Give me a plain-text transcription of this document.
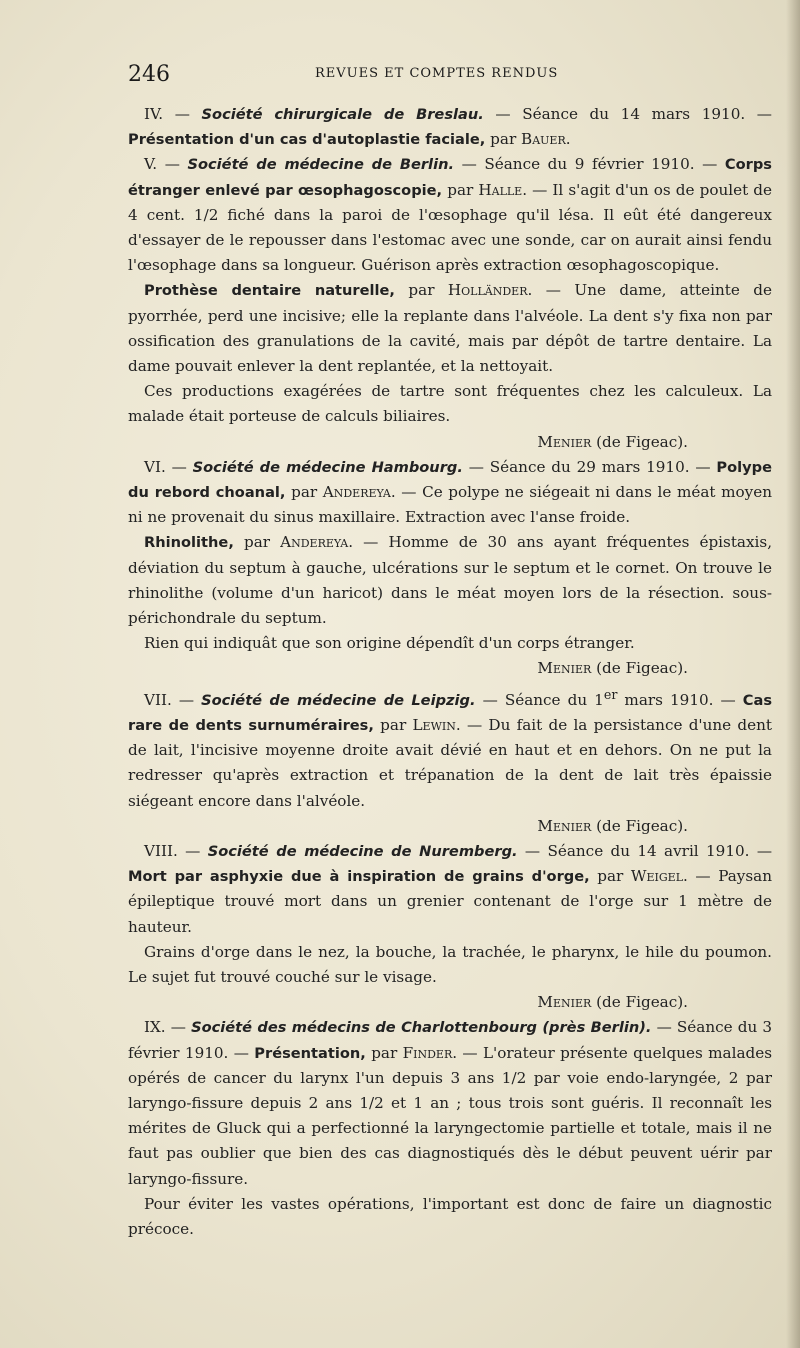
246	REVUES ET COMPTES RENDUS

IV. — Société chirurgicale de Breslau. — Séance du 14 mars 1910. — Présentation d'un cas d'autoplastie faciale, par Bauer.

V. — Société de médecine de Berlin. — Séance du 9 février 1910. — Corps étranger enlevé par œsophagoscopie, par Halle. — Il s'agit d'un os de poulet de 4 cent. 1/2 fiché dans la paroi de l'œsophage qu'il lésa. Il eût été dangereux d'essayer de le repousser dans l'estomac avec une sonde, car on aurait ainsi fendu l'œsophage dans sa longueur. Guérison après extraction œsophagoscopique.

Prothèse dentaire naturelle, par Holländer. — Une dame, atteinte de pyorrhée, perd une incisive; elle la replante dans l'alvéole. La dent s'y fixa non par ossification des granulations de la cavité, mais par dépôt de tartre dentaire. La dame pouvait enlever la dent replantée, et la nettoyait.

Ces productions exagérées de tartre sont fréquentes chez les calculeux. La malade était porteuse de calculs biliaires.

Menier (de Figeac).

VI. — Société de médecine Hambourg. — Séance du 29 mars 1910. — Polype du rebord choanal, par Andereya. — Ce polype ne siégeait ni dans le méat moyen ni ne provenait du sinus maxillaire. Extraction avec l'anse froide.

Rhinolithe, par Andereya. — Homme de 30 ans ayant fréquentes épistaxis, déviation du septum à gauche, ulcérations sur le septum et le cornet. On trouve le rhinolithe (volume d'un haricot) dans le méat moyen lors de la résection. sous-périchondrale du septum.

Rien qui indiquât que son origine dépendît d'un corps étranger.

Menier (de Figeac).

VII. — Société de médecine de Leipzig. — Séance du 1er mars 1910. — Cas rare de dents surnuméraires, par Lewin. — Du fait de la persistance d'une dent de lait, l'incisive moyenne droite avait dévié en haut et en dehors. On ne put la redresser qu'après extraction et trépanation de la dent de lait très épaissie siégeant encore dans l'alvéole.

Menier (de Figeac).

VIII. — Société de médecine de Nuremberg. — Séance du 14 avril 1910. — Mort par asphyxie due à inspiration de grains d'orge, par Weigel. — Paysan épileptique trouvé mort dans un grenier contenant de l'orge sur 1 mètre de hauteur.

Grains d'orge dans le nez, la bouche, la trachée, le pharynx, le hile du poumon. Le sujet fut trouvé couché sur le visage.

Menier (de Figeac).

IX. — Société des médecins de Charlottenbourg (près Berlin). — Séance du 3 février 1910. — Présentation, par Finder. — L'orateur présente quelques malades opérés de cancer du larynx l'un depuis 3 ans 1/2 par voie endo-laryngée, 2 par laryngo-fissure depuis 2 ans 1/2 et 1 an ; tous trois sont guéris. Il reconnaît les mérites de Gluck qui a perfectionné la laryngectomie partielle et totale, mais il ne faut pas oublier que bien des cas diagnostiqués dès le début peuvent uérir par laryngo-fissure.

Pour éviter les vastes opérations, l'important est donc de faire un diagnostic précoce.
